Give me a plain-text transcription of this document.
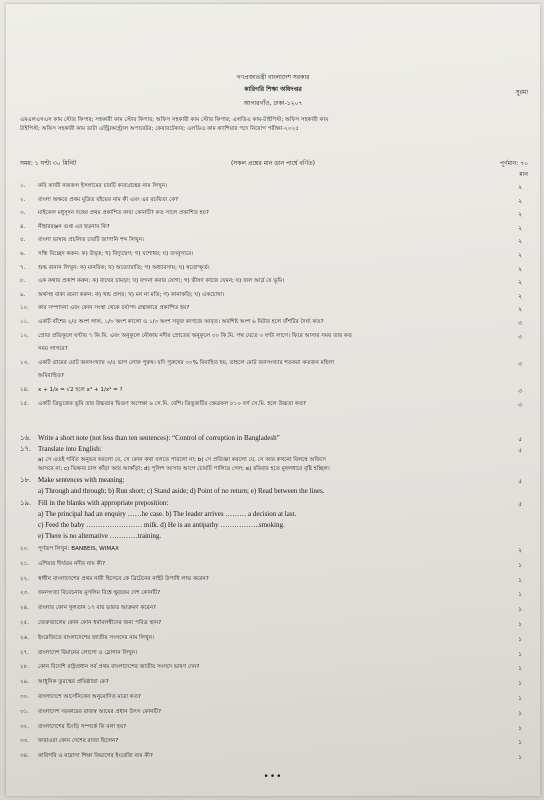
গণপ্রজাতন্ত্রী বাংলাদেশ সরকার
কারিগরি শিক্ষা অধিদপ্তর
আগারগাঁও, ঢাকা-১২০৭
সুরমা
এমএলএসএস কাম স্টোর কিপার; সহকারী কাম স্টোর কিপার; অফিস সহকারী কাম স্টোর কিপার; এলডিএ কাম-টাইপিস্ট; অফিস সহকারী কাম
টাইপিস্ট; অফিস সহকারী কাম ডাটা এন্ট্রি/কন্ট্রোল অপারেটর; কেয়ারটেকার; এলডিএ কাম ক্যাশিয়ার পদে নিয়োগ পরীক্ষা-২০২৫
সময়: ১ ঘণ্টা ৩০ মিনিট	(সকল প্রশ্নের মান ডান পার্শ্বে বর্ণিত)	পূর্ণমান: ৭০
মান
১. কবি কাজী নজরুল ইসলামের চারটি কাব্যগ্রন্থের নাম লিখুন।	২
২. বাংলা অক্ষরে প্রথম মুদ্রিত বইয়ের নাম কী এবং এর রচয়িতা কে?	২
৩. মাইকেল মধুসূদন দত্তের প্রথম প্রকাশিত কাব্য কোনটি? কত সালে প্রকাশিত হয়?	২
৪. নীহাররঞ্জন গুপ্ত এর ছদ্মনাম কি?	২
৫. বাংলা ভাষায় প্রচলিত চারটি জাপানি শব্দ লিখুন।	২
৬. সন্ধি বিচ্ছেদ করুন: ক) উদ্বৃত্ত; খ) বিদ্যুদ্বেগ; গ) যশোধর; ঘ) তদনুসারে।	২
৭. শুদ্ধ বানান লিখুন: ক) মানবিক; খ) অত্যোরাতি; গ) অধ্যাবসায়; ঘ) স্বতোস্ফূর্ত।	২
৮. এক কথায় প্রকাশ করুন: ক) বাঘের চামড়া; খ) বন্দনা করার যোগ্য; গ) ভীষণ কাজে যেমন; ঘ) জল আর্দ্র যে ভূমি।	২
৯. অর্থসহ বাক্য রচনা করুন: ক) খন্ড প্রলয়; খ) মন না মতি; গ) কানাকড়ি; ঘ) একচোখা।	২
১০. কার সম্পাদনা এবং কোন সংস্থা থেকে চর্যাপদ গ্রন্থাকারে প্রকাশিত হয়?	২
১১. একটি বাঁশের ২/৫ অংশ লাল, ১/৩ অংশ কালো ও ১/৩ অংশ সবুজ কাগজে আবৃত। অবশিষ্ট অংশ ৬ মিটার হলে বাঁশটির দৈর্ঘ্য কত?	৩
১২. স্রোত প্রতিকূলে ঘণ্টায় ৭ কি.মি. এবং অনুকূলে নৌকায় নদীর স্রোতের অনুকূলে ৩০ কি.মি. পথ যেতে ৩ ঘণ্টা লাগে। ফিরে আসার সময় তার কত	৩
সময় লাগবে?
১৩. একটি গ্রামের মোট জনসংখ্যার ৩/৫ ভাগ লোক পুরুষ। যদি পুরুষের ৩০% বিবাহিত হয়, তাহলে মোট জনসংখ্যার শতকরা কতজন মহিলা	৩
অবিবাহিত?
১৪. x + 1/x = √2 হলে x⁴ + 1/x⁴ = ?	৩
১৫. একটি ত্রিভুজের ভূমি তার উচ্চতার দ্বিগুণ অপেক্ষা ৬ সে.মি. বেশি। ত্রিভুজটির ক্ষেত্রফল ৮১০ বর্গ সে.মি. হলে উচ্চতা কত?	৩
১৬. Write a short note (not less than ten sentences): “Control of corruption in Bangladesh”	৫
১৭. Translate into English:	৫
a) সে এতই গর্বিত অনুভব করলো যে, সে কোন কথা বলতে পারলো না; b) সে প্রতিজ্ঞা করলো যে, সে আর কখনো বিলম্বে অফিসে
আসবে না; c) ভিক্ষার চাল কাঁড়া আর আকাঁড়া; d) পুলিশ আসার আগে চোরটি পালিয়ে গেল; e) রবিবার হতে মুষলধারে বৃষ্টি হচ্ছিল।
১৮. Make sentences with meaning:	৫
a) Through and through; b) Run short; c) Stand aside; d) Point of no return; e) Read between the lines.
১৯. Fill in the blanks with appropriate preposition:	৫
a) The principal had an enquiry ……he case. b) The leader arrives ……… a decision at last.
c) Feed the baby …………………… milk. d) He is an antipathy ……………..smoking.
e) There is no alternative …………training.
২০. পূর্ণরূপ লিখুন: BANBEIS, WIMAX	২
২১. এশিয়ার দীর্ঘতম নদীর নাম কী?	১
২২. স্বাধীন বাংলাদেশের প্রথম নারী হিসেবে কে ব্রিটেনের নাইট উপাধি লাভ করেন?	১
২৩. জনসংখ্যা বিবেচনায় মুসলিম বিশ্বে ক্ষুদ্রতম দেশ কোনটি?	১
২৪. বাংলার কোন সুলতান ১৭ বার ভারত আক্রমণ করেন?	১
২৫. জেরুজালেম কোন কোন ধর্মাবলম্বীদের জন্য পবিত্র স্থান?	১
২৬. ইংরেজিতে বাংলাদেশের জাতীয় সংসদের নাম লিখুন।	১
২৭. বাংলাদেশ বিমানের লোগো ও স্লোগান লিখুন।	১
২৮. কোন বিদেশি রাষ্ট্রপ্রধান সর্ব প্রথম বাংলাদেশের জাতীয় সংসদে ভাষণ দেন?	১
২৯. আধুনিক তুরস্কের প্রতিষ্ঠাতা কে?	১
৩০. বাংলাদেশে আর্সেনিকের অনুমোদিত মাত্রা কত?	১
৩১. বাংলাদেশ সরকারের রাজস্ব আয়ের প্রধান উৎস কোনটি?	১
৩২. বাংলাদেশের চিংড়ি সম্পর্কে কি বলা হয়?	১
৩৩. ফারাওরা কোন দেশের রাজা ছিলেন?	১
৩৪. কারিগরি ও মাদ্রাসা শিক্ষা বিভাগের ইংরেজি নাম কী?	১
•••
